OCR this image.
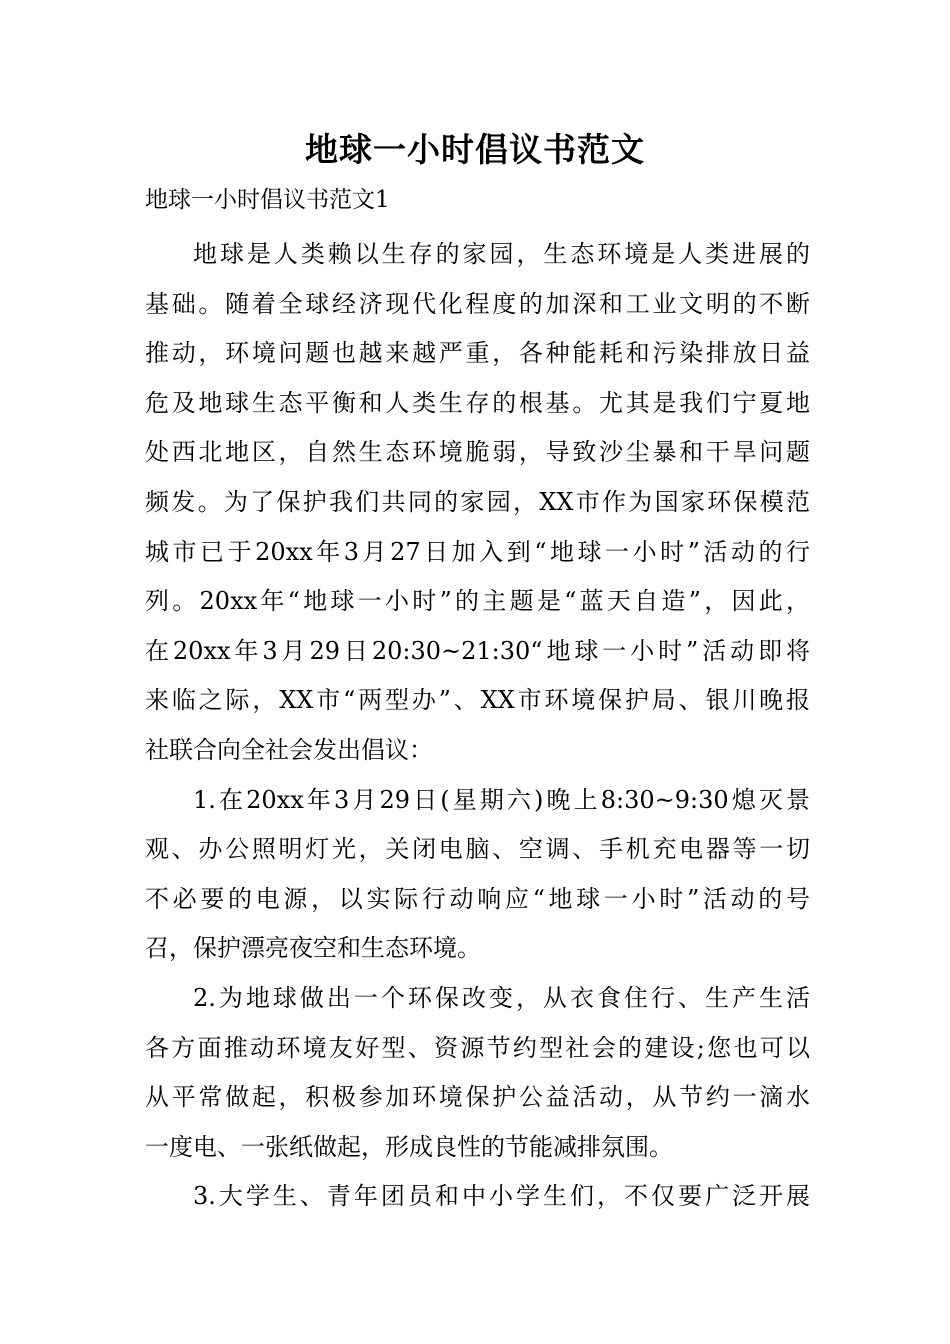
地球一小时倡议书范文
地球一小时倡议书范文1
地球是人类赖以生存的家园，生态环境是人类进展的
基础。随着全球经济现代化程度的加深和工业文明的不断
推动，环境问题也越来越严重，各种能耗和污染排放日益
危及地球生态平衡和人类生存的根基。尤其是我们宁夏地
处西北地区，自然生态环境脆弱，导致沙尘暴和干旱问题
频发。为了保护我们共同的家园，XX市作为国家环保模范
城市已于20xx年3月27日加入到“地球一小时”活动的行
列。20xx年“地球一小时”的主题是“蓝天自造”，因此，
在20xx年3月29日20:30~21:30“地球一小时”活动即将
来临之际，XX市“两型办”、XX市环境保护局、银川晚报
社联合向全社会发出倡议：
1.在20xx年3月29日(星期六)晚上8:30~9:30熄灭景
观、办公照明灯光，关闭电脑、空调、手机充电器等一切
不必要的电源，以实际行动响应“地球一小时”活动的号
召，保护漂亮夜空和生态环境。
2.为地球做出一个环保改变，从衣食住行、生产生活
各方面推动环境友好型、资源节约型社会的建设;您也可以
从平常做起，积极参加环境保护公益活动，从节约一滴水
一度电、一张纸做起，形成良性的节能减排氛围。
3.大学生、青年团员和中小学生们，不仅要广泛开展
